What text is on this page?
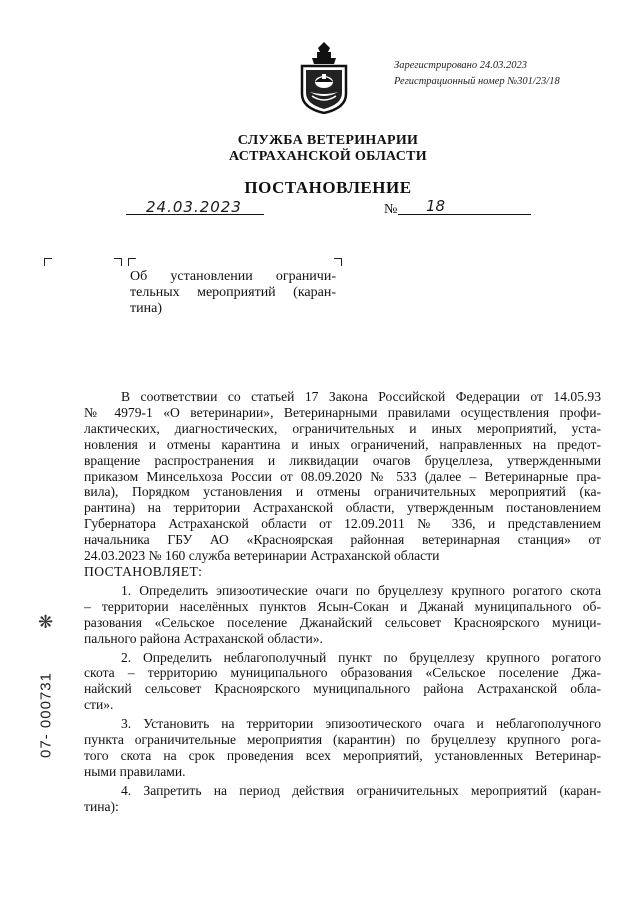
Зарегистрировано 24.03.2023
Регистрационный номер №301/23/18
СЛУЖБА ВЕТЕРИНАРИИ
АСТРАХАНСКОЙ ОБЛАСТИ
ПОСТАНОВЛЕНИЕ
24.03.2023	№ 18
Об установлении ограничи-
тельных мероприятий (каран-
тина)
В соответствии со статьей 17 Закона Российской Федерации от 14.05.93
№ 4979-1 «О ветеринарии», Ветеринарными правилами осуществления профи-
лактических, диагностических, ограничительных и иных мероприятий, уста-
новления и отмены карантина и иных ограничений, направленных на предот-
вращение распространения и ликвидации очагов бруцеллеза, утвержденными
приказом Минсельхоза России от 08.09.2020 № 533 (далее – Ветеринарные пра-
вила), Порядком установления и отмены ограничительных мероприятий (ка-
рантина) на территории Астраханской области, утвержденным постановлением
Губернатора Астраханской области от 12.09.2011 № 336, и представлением
начальника ГБУ АО «Красноярская районная ветеринарная станция» от
24.03.2023 № 160 служба ветеринарии Астраханской области
ПОСТАНОВЛЯЕТ:
1. Определить эпизоотические очаги по бруцеллезу крупного рогатого скота
– территории населённых пунктов Ясын-Сокан и Джанай муниципального об-
разования «Сельское поселение Джанайский сельсовет Красноярского муници-
пального района Астраханской области».
2. Определить неблагополучный пункт по бруцеллезу крупного рогатого
скота – территорию муниципального образования «Сельское поселение Джа-
найский сельсовет Красноярского муниципального района Астраханской обла-
сти».
3. Установить на территории эпизоотического очага и неблагополучного
пункта ограничительные мероприятия (карантин) по бруцеллезу крупного рога-
того скота на срок проведения всех мероприятий, установленных Ветеринар-
ными правилами.
4. Запретить на период действия ограничительных мероприятий (каран-
тина):
❋
07- 000731
